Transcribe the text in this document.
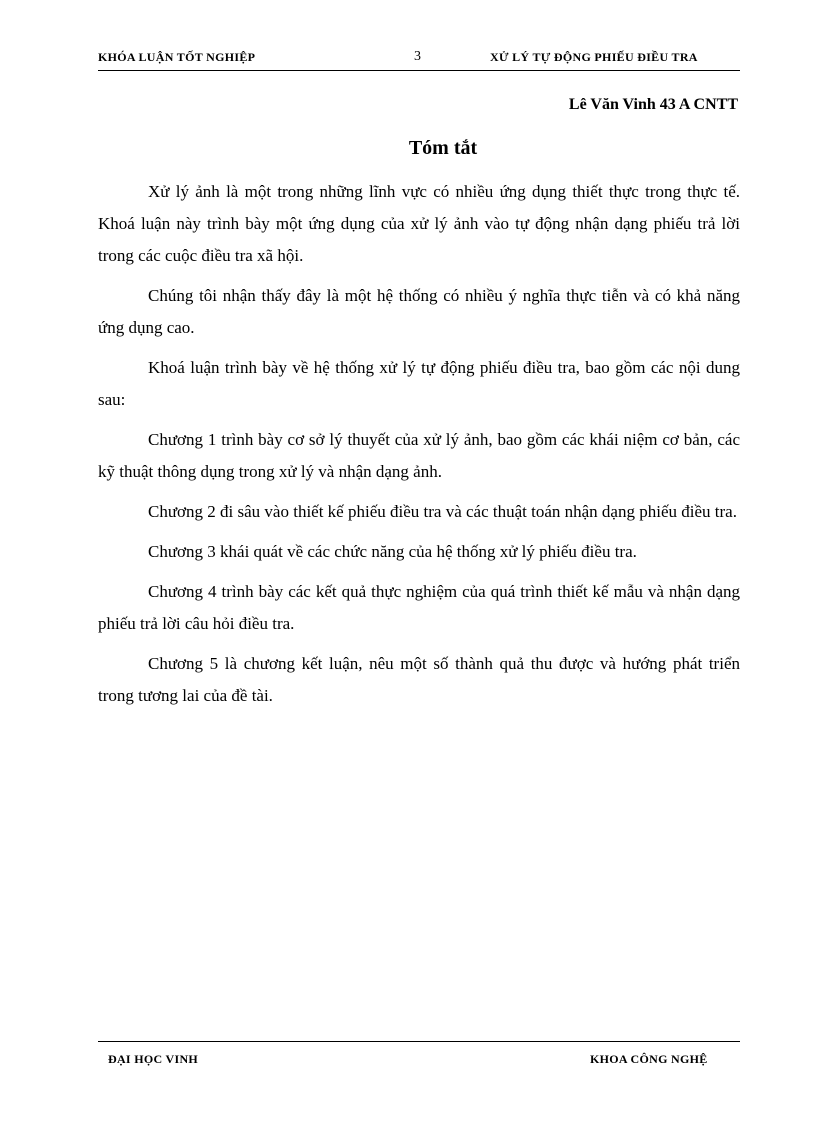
KHÓA LUẬN TỐT NGHIỆP	3	XỬ LÝ TỰ ĐỘNG PHIẾU ĐIỀU TRA
Lê Văn Vinh 43 A CNTT
Tóm tắt

Xử lý ảnh là một trong những lĩnh vực có nhiều ứng dụng thiết thực trong thực tế. Khoá luận này trình bày một ứng dụng của xử lý ảnh vào tự động nhận dạng phiếu trả lời trong các cuộc điều tra xã hội.

Chúng tôi nhận thấy đây là một hệ thống có nhiều ý nghĩa thực tiễn và có khả năng ứng dụng cao.

Khoá luận trình bày về hệ thống xử lý tự động phiếu điều tra, bao gồm các nội dung sau:

Chương 1 trình bày cơ sở lý thuyết của xử lý ảnh, bao gồm các khái niệm cơ bản, các kỹ thuật thông dụng trong xử lý và nhận dạng ảnh.

Chương 2 đi sâu vào thiết kế phiếu điều tra và các thuật toán nhận dạng phiếu điều tra.

Chương 3 khái quát về các chức năng của hệ thống xử lý phiếu điều tra.

Chương 4 trình bày các kết quả thực nghiệm của quá trình thiết kế mẫu và nhận dạng phiếu trả lời câu hỏi điều tra.

Chương 5 là chương kết luận, nêu một số thành quả thu được và hướng phát triển trong tương lai của đề tài.

ĐẠI HỌC VINH	KHOA CÔNG NGHỆ
